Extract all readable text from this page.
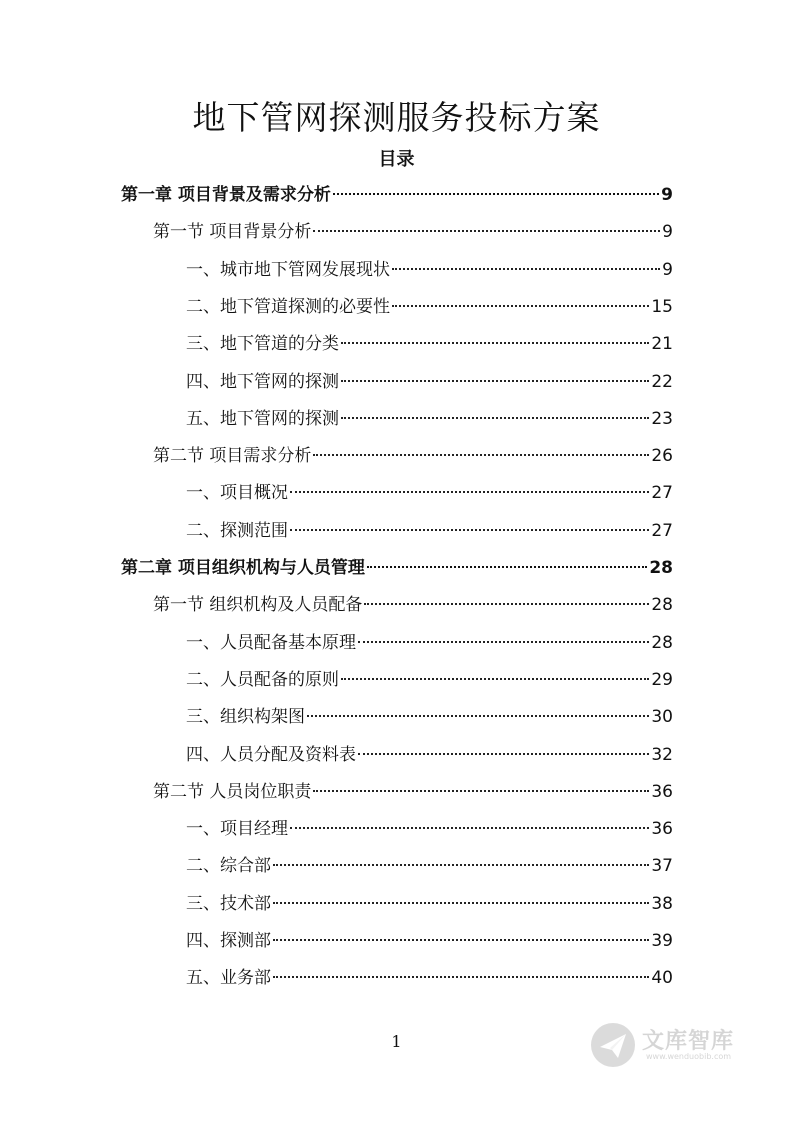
地下管网探测服务投标方案
目录
第一章 项目背景及需求分析	9
第一节 项目背景分析	9
一、城市地下管网发展现状	9
二、地下管道探测的必要性	15
三、地下管道的分类	21
四、地下管网的探测	22
五、地下管网的探测	23
第二节 项目需求分析	26
一、项目概况	27
二、探测范围	27
第二章 项目组织机构与人员管理	28
第一节 组织机构及人员配备	28
一、人员配备基本原理	28
二、人员配备的原则	29
三、组织构架图	30
四、人员分配及资料表	32
第二节 人员岗位职责	36
一、项目经理	36
二、综合部	37
三、技术部	38
四、探测部	39
五、业务部	40
1	文库智库
www.wenduobib.com
